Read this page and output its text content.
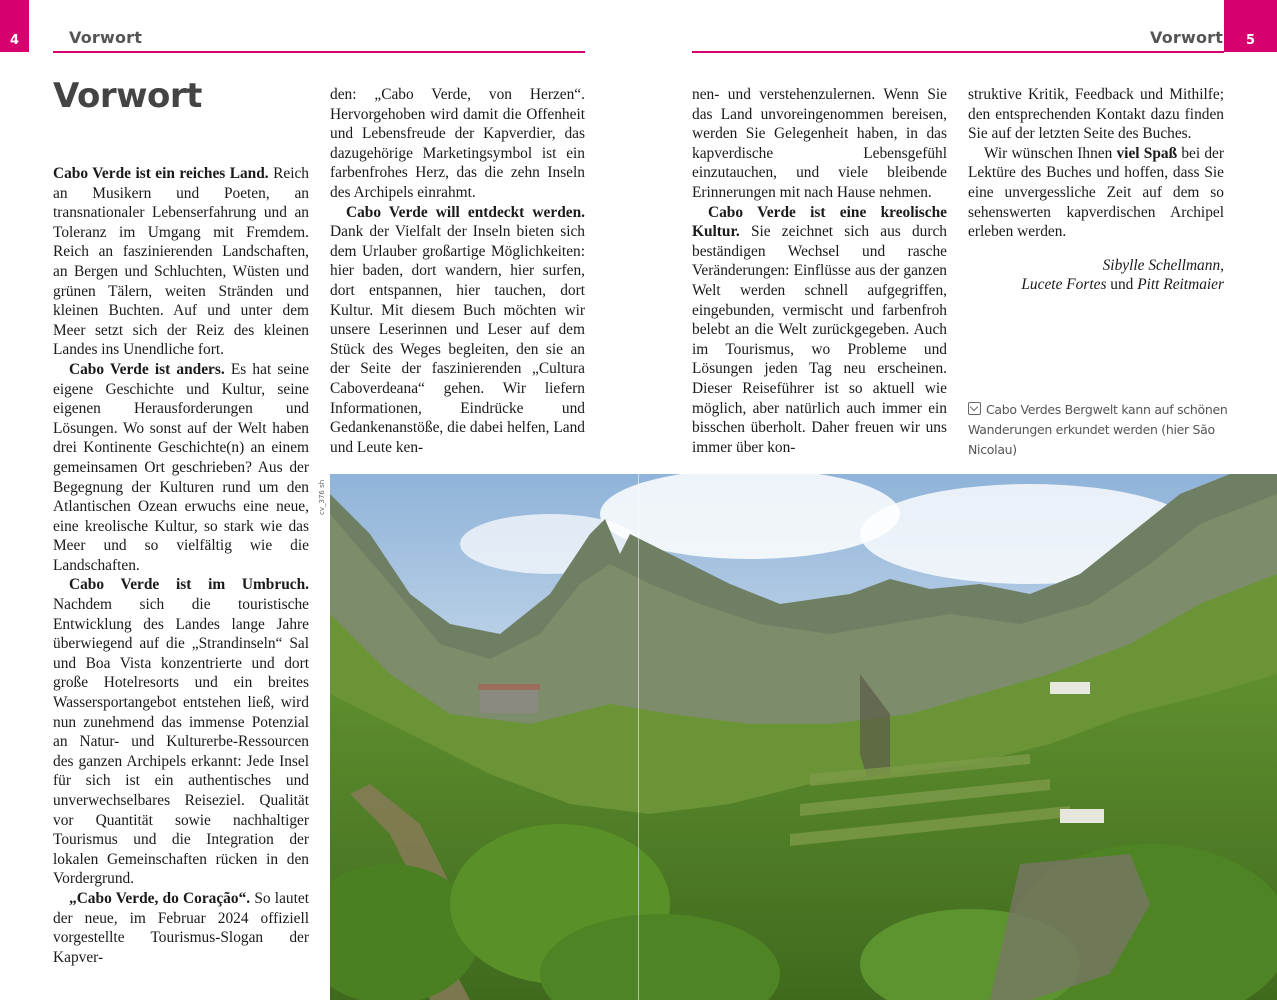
4	Vorwort	Vorwort 5
Vorwort

Cabo Verde ist ein reiches Land. Reich an Musikern und Poeten, an transnationaler Lebenserfahrung und an Toleranz im Umgang mit Fremdem. Reich an faszinierenden Landschaften, an Bergen und Schluchten, Wüsten und grünen Tälern, weiten Stränden und kleinen Buchten. Auf und unter dem Meer setzt sich der Reiz des kleinen Landes ins Unendliche fort.

Cabo Verde ist anders. Es hat seine eigene Geschichte und Kultur, seine eigenen Herausforderungen und Lösungen. Wo sonst auf der Welt haben drei Kontinente Geschichte(n) an einem gemeinsamen Ort geschrieben? Aus der Begegnung der Kulturen rund um den Atlantischen Ozean erwuchs eine neue, eine kreolische Kultur, so stark wie das Meer und so vielfältig wie die Landschaften.

Cabo Verde ist im Umbruch. Nachdem sich die touristische Entwicklung des Landes lange Jahre überwiegend auf die „Strandinseln“ Sal und Boa Vista konzentrierte und dort große Hotelresorts und ein breites Wassersportangebot entstehen ließ, wird nun zunehmend das immense Potenzial an Natur- und Kulturerbe-Ressourcen des ganzen Archipels erkannt: Jede Insel für sich ist ein authentisches und unverwechselbares Reiseziel. Qualität vor Quantität sowie nachhaltiger Tourismus und die Integration der lokalen Gemeinschaften rücken in den Vordergrund.

„Cabo Verde, do Coração“. So lautet der neue, im Februar 2024 offiziell vorgestellte Tourismus-Slogan der Kapver-

den: „Cabo Verde, von Herzen“. Hervorgehoben wird damit die Offenheit und Lebensfreude der Kapverdier, das dazugehörige Marketingsymbol ist ein farbenfrohes Herz, das die zehn Inseln des Archipels einrahmt.

Cabo Verde will entdeckt werden. Dank der Vielfalt der Inseln bieten sich dem Urlauber großartige Möglichkeiten: hier baden, dort wandern, hier surfen, dort entspannen, hier tauchen, dort Kultur. Mit diesem Buch möchten wir unsere Leserinnen und Leser auf dem Stück des Weges begleiten, den sie an der Seite der faszinierenden „Cultura Caboverdeana“ gehen. Wir liefern Informationen, Eindrücke und Gedankenanstöße, die dabei helfen, Land und Leute ken-

nen- und verstehenzulernen. Wenn Sie das Land unvoreingenommen bereisen, werden Sie Gelegenheit haben, in das kapverdische Lebensgefühl einzutauchen, und viele bleibende Erinnerungen mit nach Hause nehmen.

Cabo Verde ist eine kreolische Kultur. Sie zeichnet sich aus durch beständigen Wechsel und rasche Veränderungen: Einflüsse aus der ganzen Welt werden schnell aufgegriffen, eingebunden, vermischt und farbenfroh belebt an die Welt zurückgegeben. Auch im Tourismus, wo Probleme und Lösungen jeden Tag neu erscheinen. Dieser Reiseführer ist so aktuell wie möglich, aber natürlich auch immer ein bisschen überholt. Daher freuen wir uns immer über kon-

struktive Kritik, Feedback und Mithilfe; den entsprechenden Kontakt dazu finden Sie auf der letzten Seite des Buches.

Wir wünschen Ihnen viel Spaß bei der Lektüre des Buches und hoffen, dass Sie eine unvergessliche Zeit auf dem so sehenswerten kapverdischen Archipel erleben werden.

Sibylle Schellmann,
Lucete Fortes und Pitt Reitmaier
Cabo Verdes Bergwelt kann auf schönen Wanderungen erkundet werden (hier São Nicolau)
cv_376 sh
